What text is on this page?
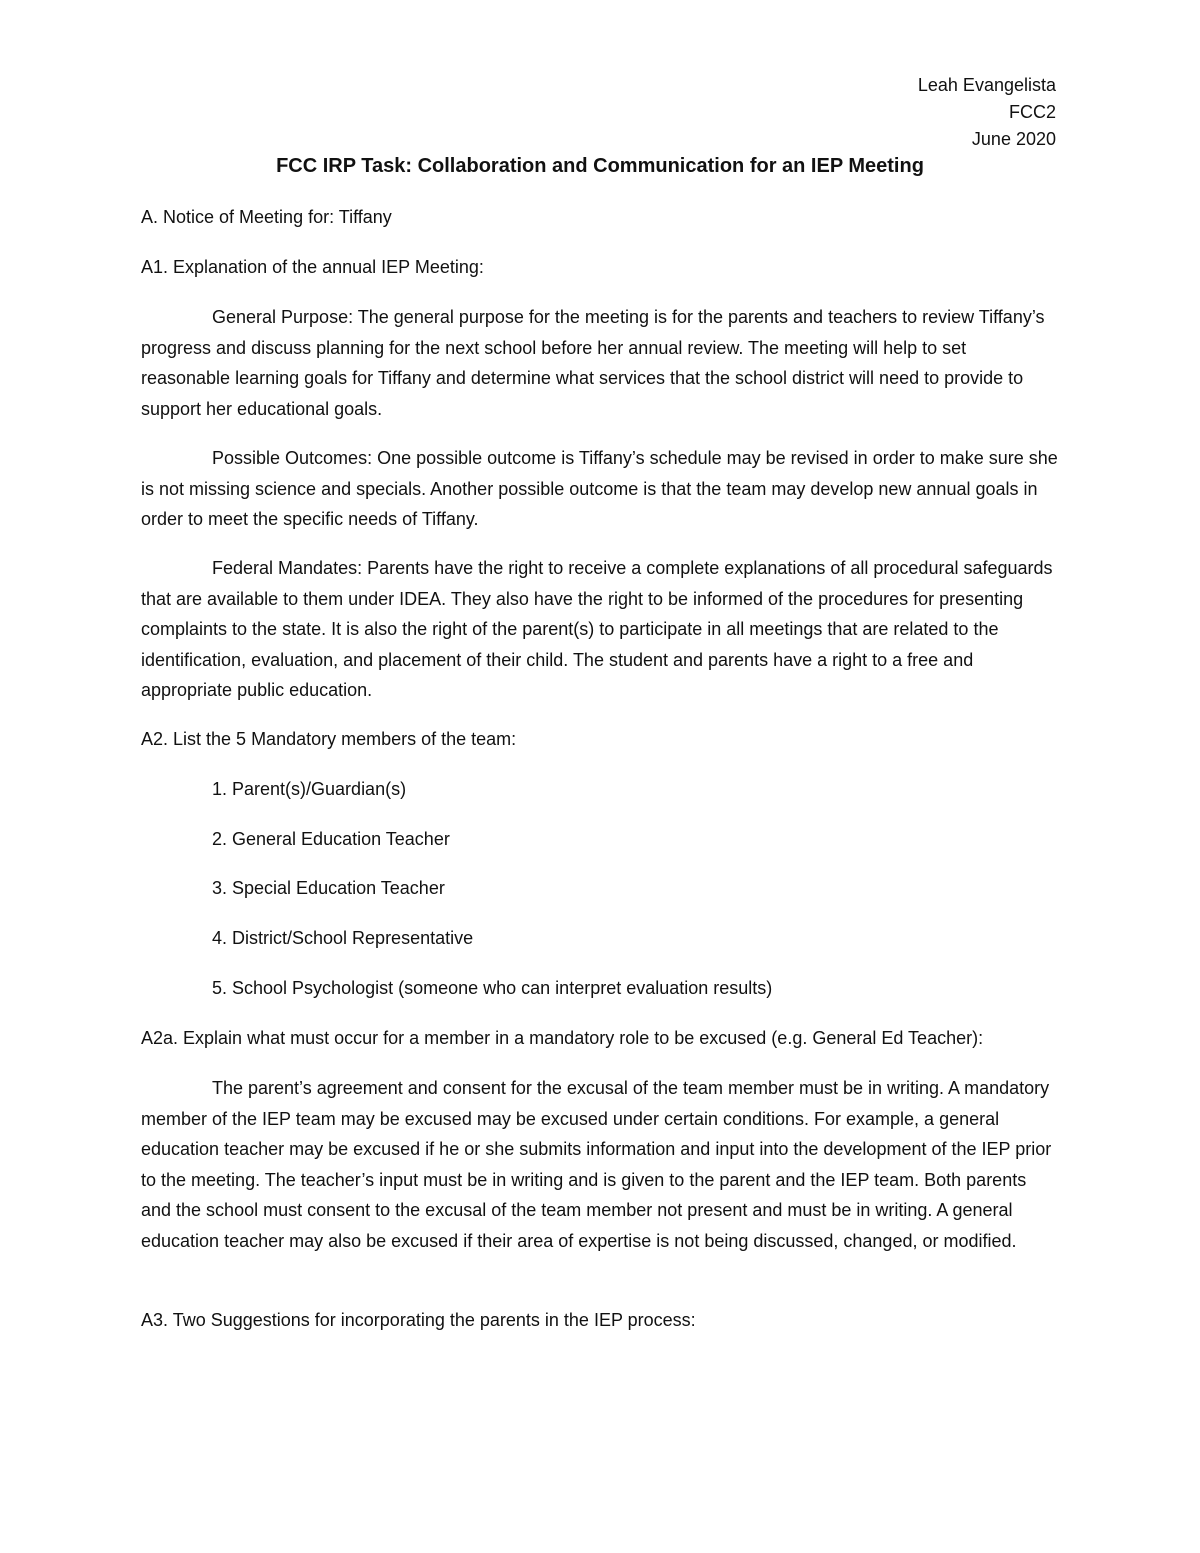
Leah Evangelista
FCC2
June 2020
FCC IRP Task: Collaboration and Communication for an IEP Meeting
A. Notice of Meeting for: Tiffany
A1. Explanation of the annual IEP Meeting:

General Purpose: The general purpose for the meeting is for the parents and teachers to review Tiffany’s progress and discuss planning for the next school before her annual review. The meeting will help to set reasonable learning goals for Tiffany and determine what services that the school district will need to provide to support her educational goals.

Possible Outcomes: One possible outcome is Tiffany’s schedule may be revised in order to make sure she is not missing science and specials. Another possible outcome is that the team may develop new annual goals in order to meet the specific needs of Tiffany.

Federal Mandates: Parents have the right to receive a complete explanations of all procedural safeguards that are available to them under IDEA. They also have the right to be informed of the procedures for presenting complaints to the state. It is also the right of the parent(s) to participate in all meetings that are related to the identification, evaluation, and placement of their child. The student and parents have a right to a free and appropriate public education.

A2. List the 5 Mandatory members of the team:
1. Parent(s)/Guardian(s)
2. General Education Teacher
3. Special Education Teacher
4. District/School Representative
5. School Psychologist (someone who can interpret evaluation results)
A2a. Explain what must occur for a member in a mandatory role to be excused (e.g. General Ed Teacher):

The parent’s agreement and consent for the excusal of the team member must be in writing. A mandatory member of the IEP team may be excused may be excused under certain conditions. For example, a general education teacher may be excused if he or she submits information and input into the development of the IEP prior to the meeting. The teacher’s input must be in writing and is given to the parent and the IEP team. Both parents and the school must consent to the excusal of the team member not present and must be in writing. A general education teacher may also be excused if their area of expertise is not being discussed, changed, or modified.

A3. Two Suggestions for incorporating the parents in the IEP process:
